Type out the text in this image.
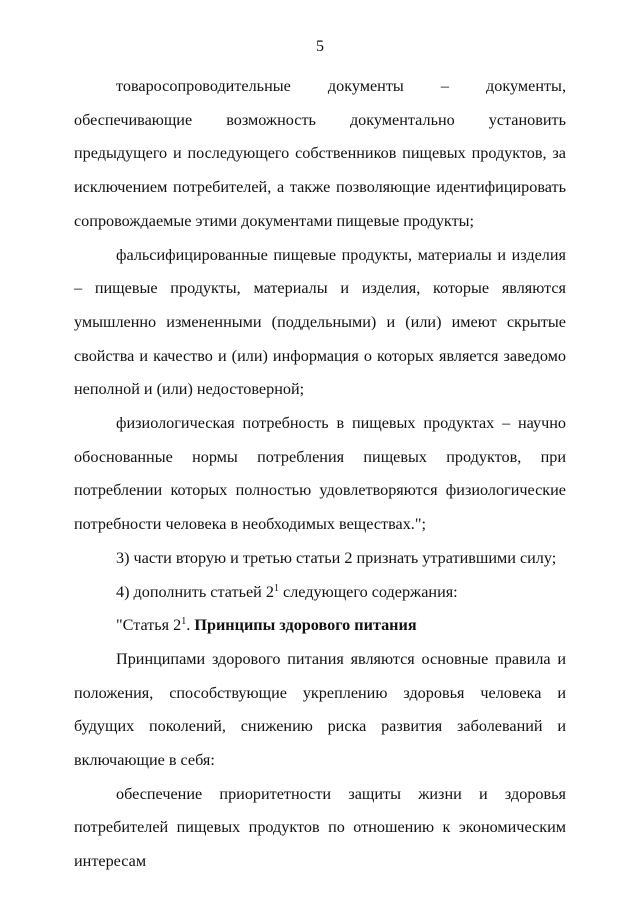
5

товаросопроводительные документы – документы, обеспечивающие возможность документально установить предыдущего и последующего собственников пищевых продуктов, за исключением потребителей, а также позволяющие идентифицировать сопровождаемые этими документами пищевые продукты;

фальсифицированные пищевые продукты, материалы и изделия – пищевые продукты, материалы и изделия, которые являются умышленно измененными (поддельными) и (или) имеют скрытые свойства и качество и (или) информация о которых является заведомо неполной и (или) недостоверной;

физиологическая потребность в пищевых продуктах – научно обоснованные нормы потребления пищевых продуктов, при потреблении которых полностью удовлетворяются физиологические потребности человека в необходимых веществах.";

3) части вторую и третью статьи 2 признать утратившими силу;

4) дополнить статьей $2^1$ следующего содержания:

"Статья $2^1$. Принципы здорового питания

Принципами здорового питания являются основные правила и положения, способствующие укреплению здоровья человека и будущих поколений, снижению риска развития заболеваний и включающие в себя:

обеспечение приоритетности защиты жизни и здоровья потребителей пищевых продуктов по отношению к экономическим интересам
